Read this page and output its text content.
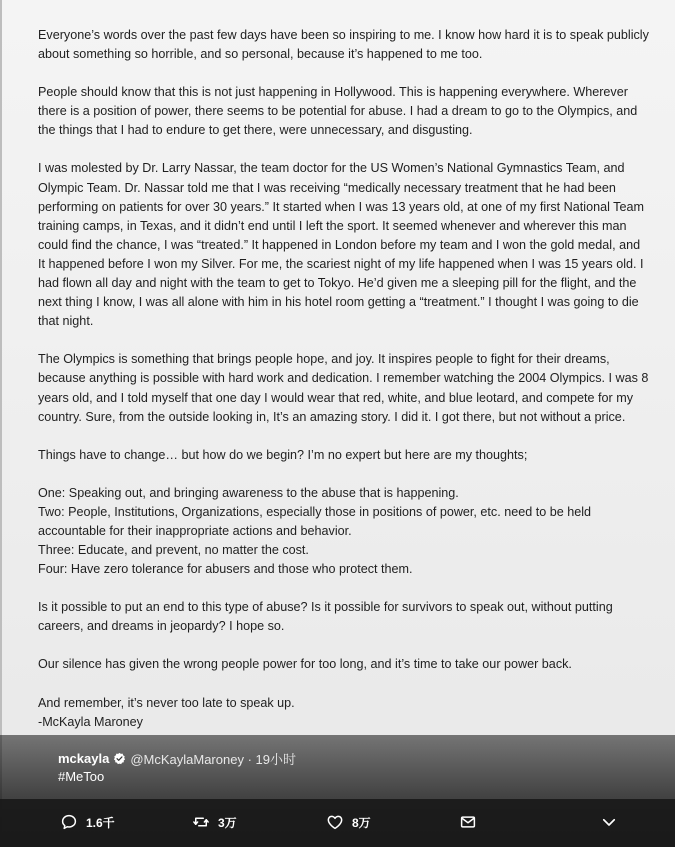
Everyone’s words over the past few days have been so inspiring to me. I know how hard it is to speak publicly about something so horrible, and so personal, because it’s happened to me too.

People should know that this is not just happening in Hollywood. This is happening everywhere. Wherever there is a position of power, there seems to be potential for abuse. I had a dream to go to the Olympics, and the things that I had to endure to get there, were unnecessary, and disgusting.

I was molested by Dr. Larry Nassar, the team doctor for the US Women’s National Gymnastics Team, and Olympic Team. Dr. Nassar told me that I was receiving “medically necessary treatment that he had been performing on patients for over 30 years.” It started when I was 13 years old, at one of my first National Team training camps, in Texas, and it didn’t end until I left the sport. It seemed whenever and wherever this man could find the chance, I was “treated.” It happened in London before my team and I won the gold medal, and It happened before I won my Silver. For me, the scariest night of my life happened when I was 15 years old. I had flown all day and night with the team to get to Tokyo. He’d given me a sleeping pill for the flight, and the next thing I know, I was all alone with him in his hotel room getting a “treatment.” I thought I was going to die that night.

The Olympics is something that brings people hope, and joy. It inspires people to fight for their dreams, because anything is possible with hard work and dedication. I remember watching the 2004 Olympics. I was 8 years old, and I told myself that one day I would wear that red, white, and blue leotard, and compete for my country. Sure, from the outside looking in, It’s an amazing story. I did it. I got there, but not without a price.

Things have to change… but how do we begin? I’m no expert but here are my thoughts;

One: Speaking out, and bringing awareness to the abuse that is happening.

Two: People, Institutions, Organizations, especially those in positions of power, etc. need to be held accountable for their inappropriate actions and behavior.

Three: Educate, and prevent, no matter the cost.

Four: Have zero tolerance for abusers and those who protect them.

Is it possible to put an end to this type of abuse? Is it possible for survivors to speak out, without putting careers, and dreams in jeopardy? I hope so.

Our silence has given the wrong people power for too long, and it’s time to take our power back.

And remember, it’s never too late to speak up.

-McKayla Maroney

mckayla @McKaylaMaroney · 19小时
#MeToo
1.6千	3万	8万
